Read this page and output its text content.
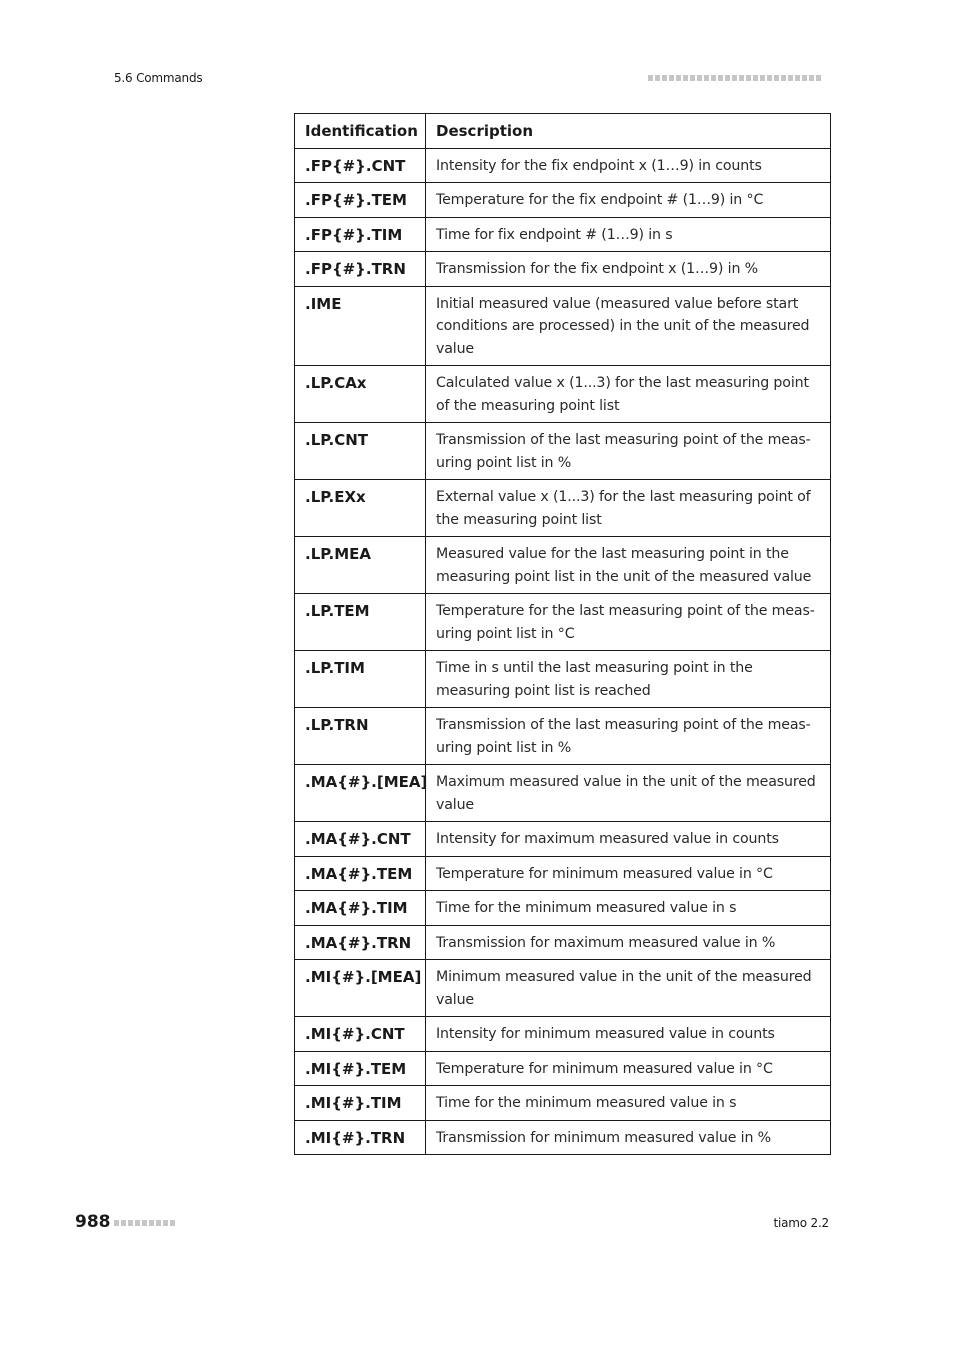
5.6 Commands
Identification	Description
.FP{#}.CNT	Intensity for the fix endpoint x (1…9) in counts
.FP{#}.TEM	Temperature for the fix endpoint # (1…9) in °C
.FP{#}.TIM	Time for fix endpoint # (1…9) in s
.FP{#}.TRN	Transmission for the fix endpoint x (1…9) in %
.IME	Initial measured value (measured value before start conditions are processed) in the unit of the measured value
.LP.CAx	Calculated value x (1...3) for the last measuring point of the measuring point list
.LP.CNT	Transmission of the last measuring point of the meas-uring point list in %
.LP.EXx	External value x (1...3) for the last measuring point of the measuring point list
.LP.MEA	Measured value for the last measuring point in the measuring point list in the unit of the measured value
.LP.TEM	Temperature for the last measuring point of the meas-uring point list in °C
.LP.TIM	Time in s until the last measuring point in the measuring point list is reached
.LP.TRN	Transmission of the last measuring point of the meas-uring point list in %
.MA{#}.[MEA]	Maximum measured value in the unit of the measured value
.MA{#}.CNT	Intensity for maximum measured value in counts
.MA{#}.TEM	Temperature for minimum measured value in °C
.MA{#}.TIM	Time for the minimum measured value in s
.MA{#}.TRN	Transmission for maximum measured value in %
.MI{#}.[MEA]	Minimum measured value in the unit of the measured value
.MI{#}.CNT	Intensity for minimum measured value in counts
.MI{#}.TEM	Temperature for minimum measured value in °C
.MI{#}.TIM	Time for the minimum measured value in s
.MI{#}.TRN	Transmission for minimum measured value in %
988	tiamo 2.2
